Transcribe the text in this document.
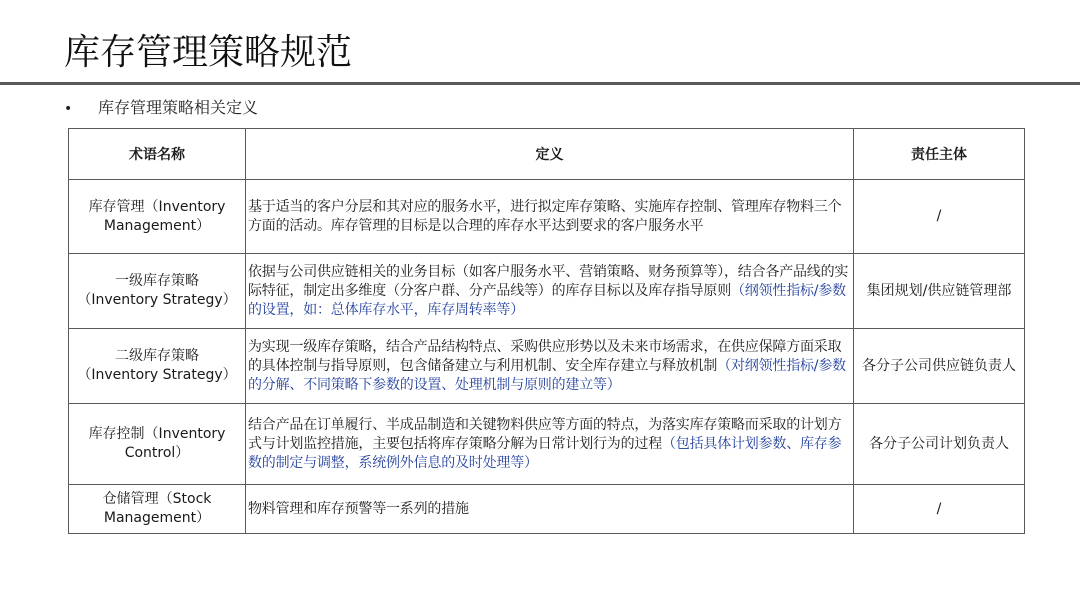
库存管理策略规范
• 库存管理策略相关定义
术语名称	定义	责任主体
库存管理（Inventory
Management）	基于适当的客户分层和其对应的服务水平，进行拟定库存策略、实施库存控制、管理库存物料三个方面的活动。库存管理的目标是以合理的库存水平达到要求的客户服务水平	/
一级库存策略
（Inventory Strategy）	依据与公司供应链相关的业务目标（如客户服务水平、营销策略、财务预算等），结合各产品线的实际特征，制定出多维度（分客户群、分产品线等）的库存目标以及库存指导原则（纲领性指标/参数的设置，如：总体库存水平，库存周转率等）	集团规划/供应链管理部
二级库存策略
（Inventory Strategy）	为实现一级库存策略，结合产品结构特点、采购供应形势以及未来市场需求，在供应保障方面采取的具体控制与指导原则，包含储备建立与利用机制、安全库存建立与释放机制（对纲领性指标/参数的分解、不同策略下参数的设置、处理机制与原则的建立等）	各分子公司供应链负责人
库存控制（Inventory
Control）	结合产品在订单履行、半成品制造和关键物料供应等方面的特点，为落实库存策略而采取的计划方式与计划监控措施，主要包括将库存策略分解为日常计划行为的过程（包括具体计划参数、库存参数的制定与调整，系统例外信息的及时处理等）	各分子公司计划负责人
仓储管理（Stock
Management）	物料管理和库存预警等一系列的措施	/
